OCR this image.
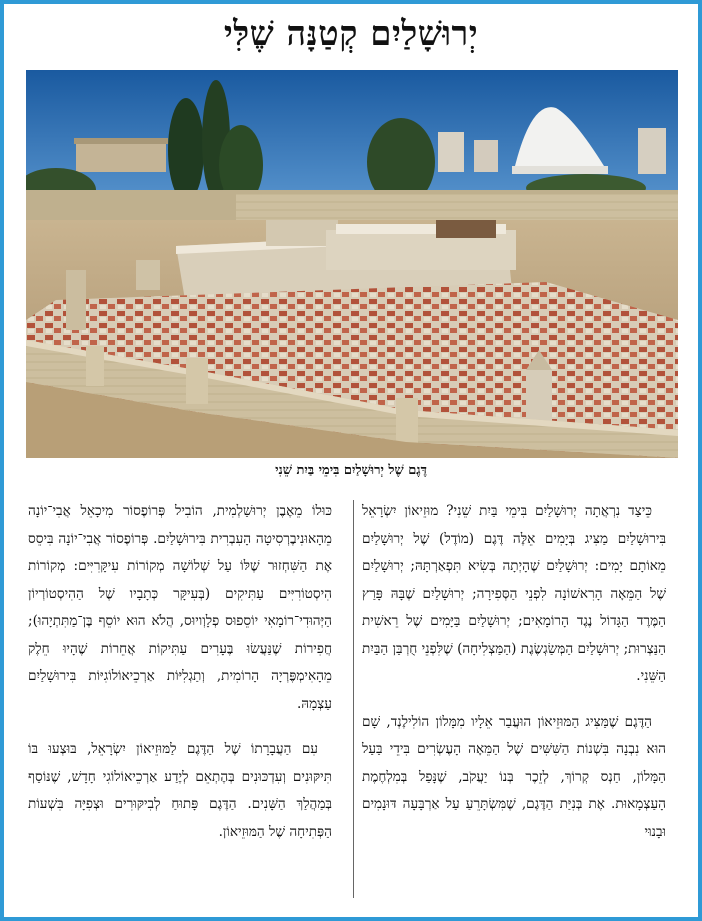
יְרוּשָׁלַיִם קְטַנָּה שֶׁלִּי
דֶּגֶם שֶׁל יְרוּשָׁלַיִם בִּימֵי בַּיִת שֵׁנִי

כֵּיצַד נִרְאֲתָה יְרוּשָׁלַיִם בִּימֵי בַּיִת שֵׁנִי? מוּזֵיאוֹן יִשְׂרָאֵל בִּירוּשָׁלַיִם מַצִּיג בְּיָמִים אֵלֶּה דֶּגֶם (מוֹדֶל) שֶׁל יְרוּשָׁלַיִם מֵאוֹתָם יָמִים: יְרוּשָׁלַיִם שֶׁהָיְתָה בְּשִׂיא תִּפְאַרְתָּהּ; יְרוּשָׁלַיִם שֶׁל הַמֵּאָה הָרִאשׁוֹנָה לִפְנֵי הַסְּפִירָה; יְרוּשָׁלַיִם שֶׁבָּהּ פָּרַץ הַמֶּרֶד הַגָּדוֹל נֶגֶד הָרוֹמָאִים; יְרוּשָׁלַיִם בַּיָּמִים שֶׁל רֵאשִׁית הַנַּצְרוּת; יְרוּשָׁלַיִם הַמְּשַׂגְשֶׂגֶת (הַמַּצְלִיחָה) שֶׁלִּפְנֵי חֻרְבַּן הַבַּיִת הַשֵּׁנִי.

הַדֶּגֶם שֶׁמַּצִּיג הַמּוּזֵיאוֹן הוּעֲבַר אֵלָיו מִמָּלוֹן הוֹלִילֶנְד, שָׁם הוּא נִבְנָה בִּשְׁנוֹת הַשִּׁשִּׁים שֶׁל הַמֵּאָה הָעֶשְׂרִים בִּידֵי בַּעַל הַמָּלוֹן, חַנְס קְרוֹךְ, לְזֵכֶר בְּנוֹ יַעֲקֹב, שֶׁנָּפַל בְּמִלְחֶמֶת הָעַצְמָאוּת. אֶת בְּנִיַּת הַדֶּגֶם, שֶׁמִּשְׂתָּרֵעַ עַל אַרְבָּעָה דּוּנָמִים וּבָנוּי

כּוּלוֹ מֵאֶבֶן יְרוּשַׁלְמִית, הוֹבִיל פְּרוֹפֶסוֹר מִיכָאֵל אֲבִי־יוֹנָה מֵהָאוּנִיבֶרְסִיטָה הָעִבְרִית בִּירוּשָׁלַיִם. פְּרוֹפֶסוֹר אֲבִי־יוֹנָה בִּיסֵס אֶת הַשִּׁחְזוּר שֶׁלּוֹ עַל שְׁלוֹשָׁה מְקוֹרוֹת עִיקָּרִיִּים: מְקוֹרוֹת הִיסְטוֹרִיִּים עַתִּיקִים (בְּעִיקָּר כְּתָבָיו שֶׁל הַהִיסְטוֹרְיוֹן הַיְּהוּדִי־רוֹמָאִי יוֹסֵפוּס פְלָוְויוּס, הֲלֹא הוּא יוֹסֵף בֶּן־מַתִּתְיָהוּ); חֲפִירוֹת שֶׁנַּעֲשׂוּ בֶּעָרִים עַתִּיקוֹת אֲחֵרוֹת שֶׁהָיוּ חֵלֶק מֵהָאִימְפֶּרְיָה הָרוֹמִית, וְתַגְלִיּוֹת אַרְכֵיאוֹלוֹגִיּוֹת בִּירוּשָׁלַיִם עַצְמָהּ.

עִם הַעֲבָרָתוֹ שֶׁל הַדֶּגֶם לַמּוּזֵיאוֹן יִשְׂרָאֵל, בּוּצְעוּ בּוֹ תִּיקּוּנִים וְעִדְכּוּנִים בְּהֶתְאֵם לְיֶדַע אַרְכֵיאוֹלוֹגִי חָדָשׁ, שֶׁנּוֹסַף בְּמַהֲלַךְ הַשָּׁנִים. הַדֶּגֶם פָּתוּחַ לְבִיקּוּרִים וּצְפִיָּה בִּשְׁעוֹת הַפְּתִיחָה שֶׁל הַמּוּזֵיאוֹן.
